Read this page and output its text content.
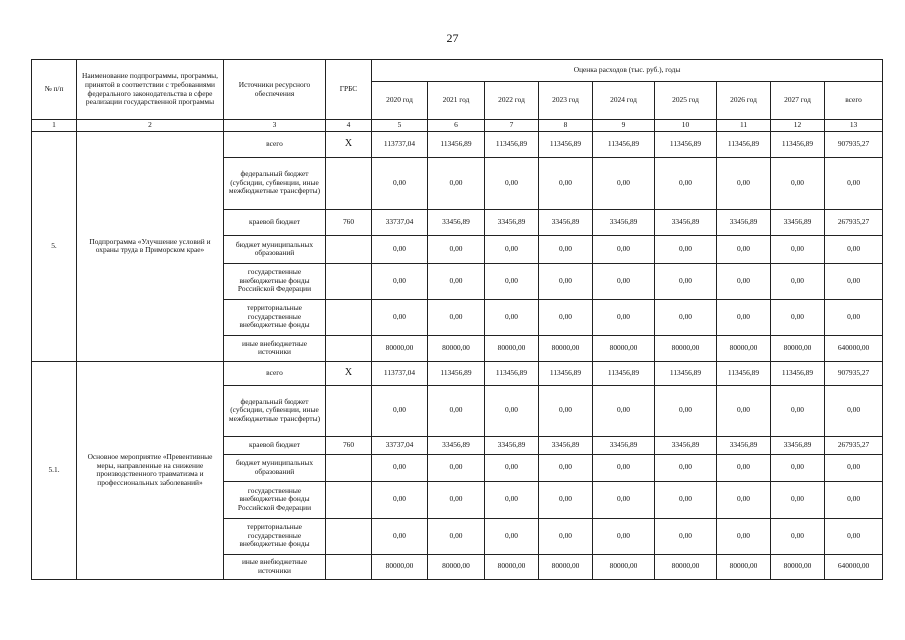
27
№ п/п	Наименование подпрограммы, программы, принятой в соответствии с требованиями федерального законодательства в сфере реализации государственной программы	Источники ресурсного обеспечения	ГРБС	Оценка расходов (тыс. руб.), годы								
				2020 год	2021 год	2022 год	2023 год	2024 год	2025 год	2026 год	2027 год	всего
1	2	3	4	5	6	7	8	9	10	11	12	13
5.	Подпрограмма «Улучшение условий и охраны труда в Приморском крае»	всего	Х	113737,04	113456,89	113456,89	113456,89	113456,89	113456,89	113456,89	113456,89	907935,27
		федеральный бюджет (субсидии, субвенции, иные межбюджетные трансферты)		0,00	0,00	0,00	0,00	0,00	0,00	0,00	0,00	0,00
		краевой бюджет	760	33737,04	33456,89	33456,89	33456,89	33456,89	33456,89	33456,89	33456,89	267935,27
		бюджет муниципальных образований		0,00	0,00	0,00	0,00	0,00	0,00	0,00	0,00	0,00
		государственные внебюджетные фонды Российской Федерации		0,00	0,00	0,00	0,00	0,00	0,00	0,00	0,00	0,00
		территориальные государственные внебюджетные фонды		0,00	0,00	0,00	0,00	0,00	0,00	0,00	0,00	0,00
		иные внебюджетные источники		80000,00	80000,00	80000,00	80000,00	80000,00	80000,00	80000,00	80000,00	640000,00
5.1.	Основное мероприятие «Превентивные меры, направленные на снижение производственного травматизма и профессиональных заболеваний»	всего	Х	113737,04	113456,89	113456,89	113456,89	113456,89	113456,89	113456,89	113456,89	907935,27
		федеральный бюджет (субсидии, субвенции, иные межбюджетные трансферты)		0,00	0,00	0,00	0,00	0,00	0,00	0,00	0,00	0,00
		краевой бюджет	760	33737,04	33456,89	33456,89	33456,89	33456,89	33456,89	33456,89	33456,89	267935,27
		бюджет муниципальных образований		0,00	0,00	0,00	0,00	0,00	0,00	0,00	0,00	0,00
		государственные внебюджетные фонды Российской Федерации		0,00	0,00	0,00	0,00	0,00	0,00	0,00	0,00	0,00
		территориальные государственные внебюджетные фонды		0,00	0,00	0,00	0,00	0,00	0,00	0,00	0,00	0,00
		иные внебюджетные источники		80000,00	80000,00	80000,00	80000,00	80000,00	80000,00	80000,00	80000,00	640000,00
